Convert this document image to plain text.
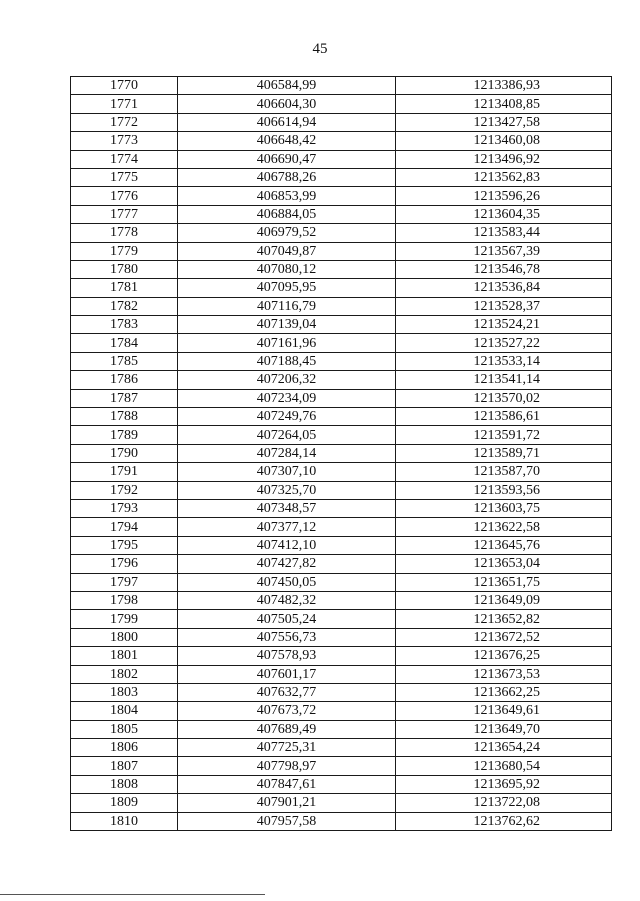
45
1770	406584,99	1213386,93
1771	406604,30	1213408,85
1772	406614,94	1213427,58
1773	406648,42	1213460,08
1774	406690,47	1213496,92
1775	406788,26	1213562,83
1776	406853,99	1213596,26
1777	406884,05	1213604,35
1778	406979,52	1213583,44
1779	407049,87	1213567,39
1780	407080,12	1213546,78
1781	407095,95	1213536,84
1782	407116,79	1213528,37
1783	407139,04	1213524,21
1784	407161,96	1213527,22
1785	407188,45	1213533,14
1786	407206,32	1213541,14
1787	407234,09	1213570,02
1788	407249,76	1213586,61
1789	407264,05	1213591,72
1790	407284,14	1213589,71
1791	407307,10	1213587,70
1792	407325,70	1213593,56
1793	407348,57	1213603,75
1794	407377,12	1213622,58
1795	407412,10	1213645,76
1796	407427,82	1213653,04
1797	407450,05	1213651,75
1798	407482,32	1213649,09
1799	407505,24	1213652,82
1800	407556,73	1213672,52
1801	407578,93	1213676,25
1802	407601,17	1213673,53
1803	407632,77	1213662,25
1804	407673,72	1213649,61
1805	407689,49	1213649,70
1806	407725,31	1213654,24
1807	407798,97	1213680,54
1808	407847,61	1213695,92
1809	407901,21	1213722,08
1810	407957,58	1213762,62
